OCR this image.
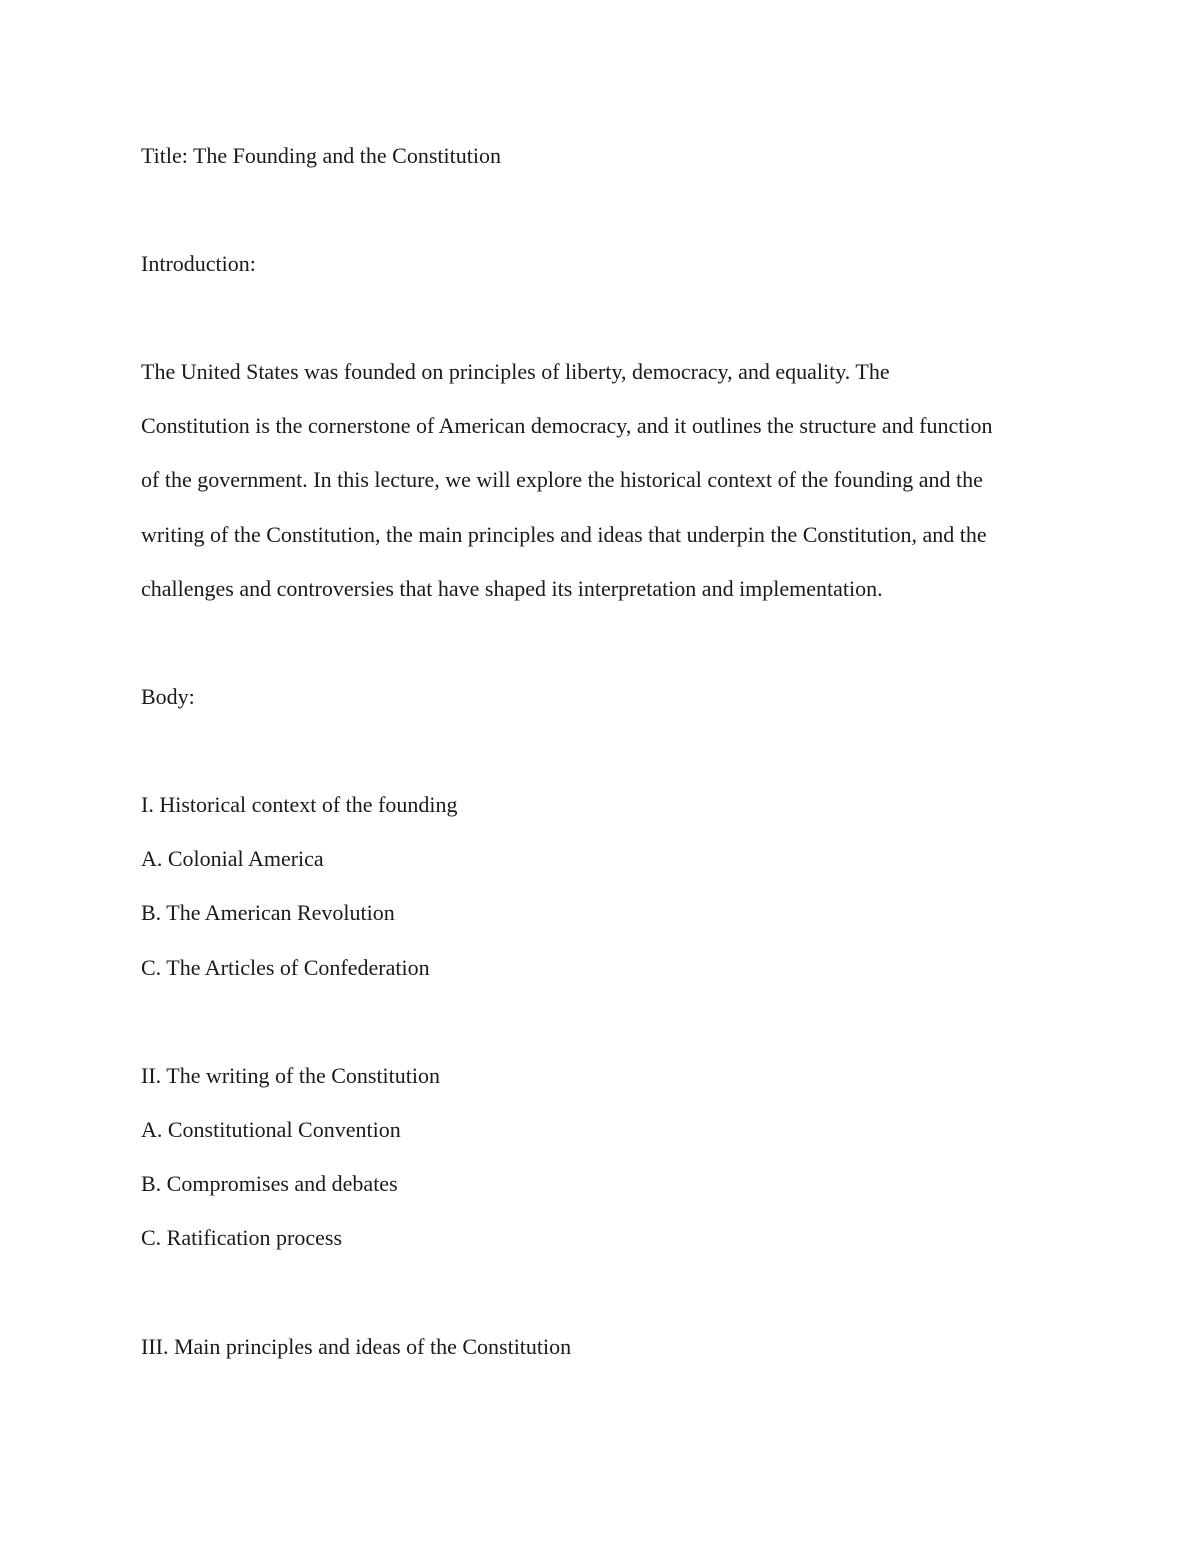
Title: The Founding and the Constitution

Introduction:

The United States was founded on principles of liberty, democracy, and equality. The
Constitution is the cornerstone of American democracy, and it outlines the structure and function
of the government. In this lecture, we will explore the historical context of the founding and the
writing of the Constitution, the main principles and ideas that underpin the Constitution, and the
challenges and controversies that have shaped its interpretation and implementation.

Body:

I. Historical context of the founding

A. Colonial America

B. The American Revolution

C. The Articles of Confederation

II. The writing of the Constitution

A. Constitutional Convention

B. Compromises and debates

C. Ratification process

III. Main principles and ideas of the Constitution
